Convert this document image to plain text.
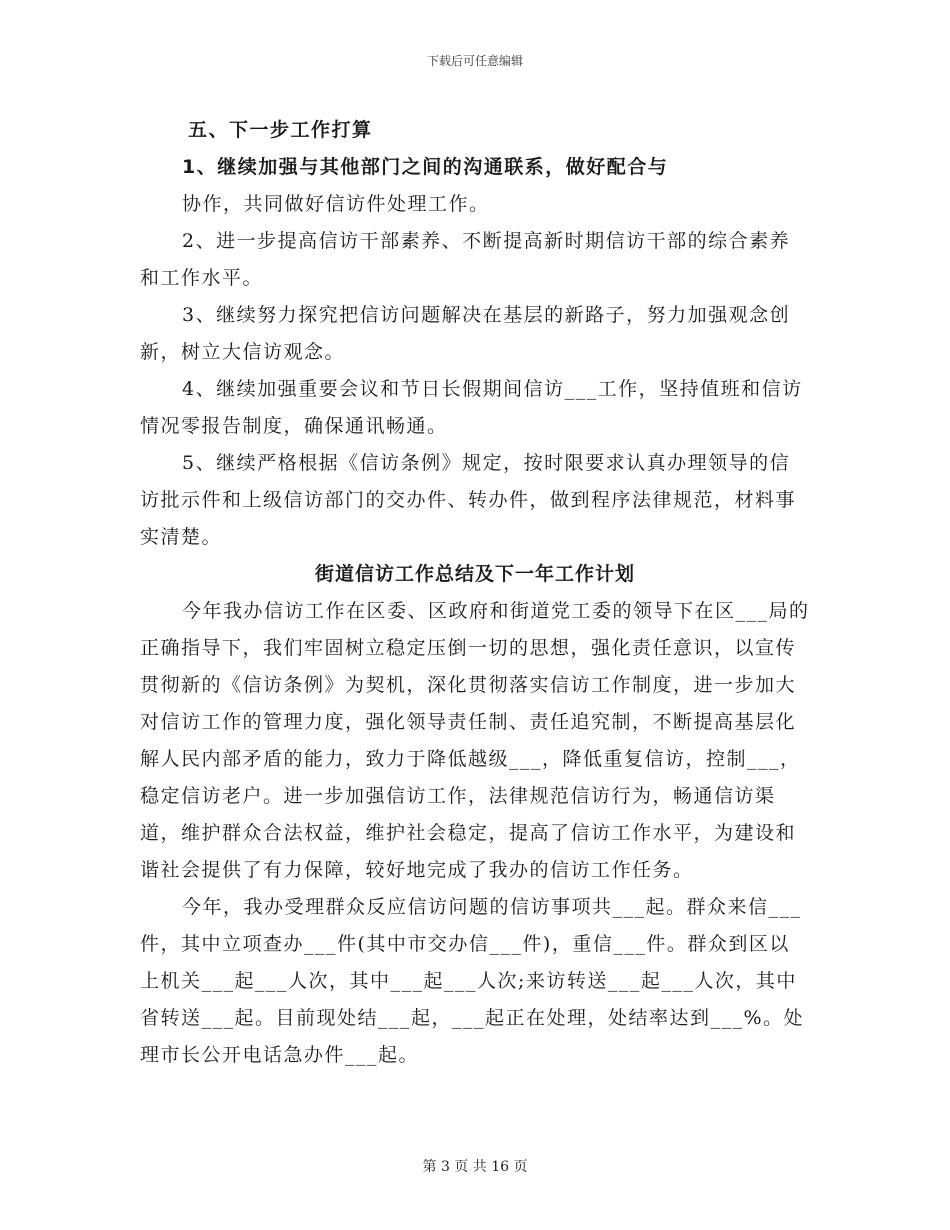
下载后可任意编辑

五、下一步工作打算

1、继续加强与其他部门之间的沟通联系，做好配合与

协作，共同做好信访件处理工作。

2、进一步提高信访干部素养、不断提高新时期信访干部的综合素养和工作水平。

3、继续努力探究把信访问题解决在基层的新路子，努力加强观念创新，树立大信访观念。

4、继续加强重要会议和节日长假期间信访___工作，坚持值班和信访情况零报告制度，确保通讯畅通。

5、继续严格根据《信访条例》规定，按时限要求认真办理领导的信访批示件和上级信访部门的交办件、转办件，做到程序法律规范，材料事实清楚。

街道信访工作总结及下一年工作计划

今年我办信访工作在区委、区政府和街道党工委的领导下在区___局的正确指导下，我们牢固树立稳定压倒一切的思想，强化责任意识，以宣传贯彻新的《信访条例》为契机，深化贯彻落实信访工作制度，进一步加大对信访工作的管理力度，强化领导责任制、责任追究制，不断提高基层化解人民内部矛盾的能力，致力于降低越级___，降低重复信访，控制___，稳定信访老户。进一步加强信访工作，法律规范信访行为，畅通信访渠道，维护群众合法权益，维护社会稳定，提高了信访工作水平，为建设和谐社会提供了有力保障，较好地完成了我办的信访工作任务。

今年，我办受理群众反应信访问题的信访事项共___起。群众来信___件，其中立项查办___件(其中市交办信___件)，重信___件。群众到区以上机关___起___人次，其中___起___人次;来访转送___起___人次，其中省转送___起。目前现处结___起，___起正在处理，处结率达到___%。处理市长公开电话急办件___起。

第 3 页 共 16 页
